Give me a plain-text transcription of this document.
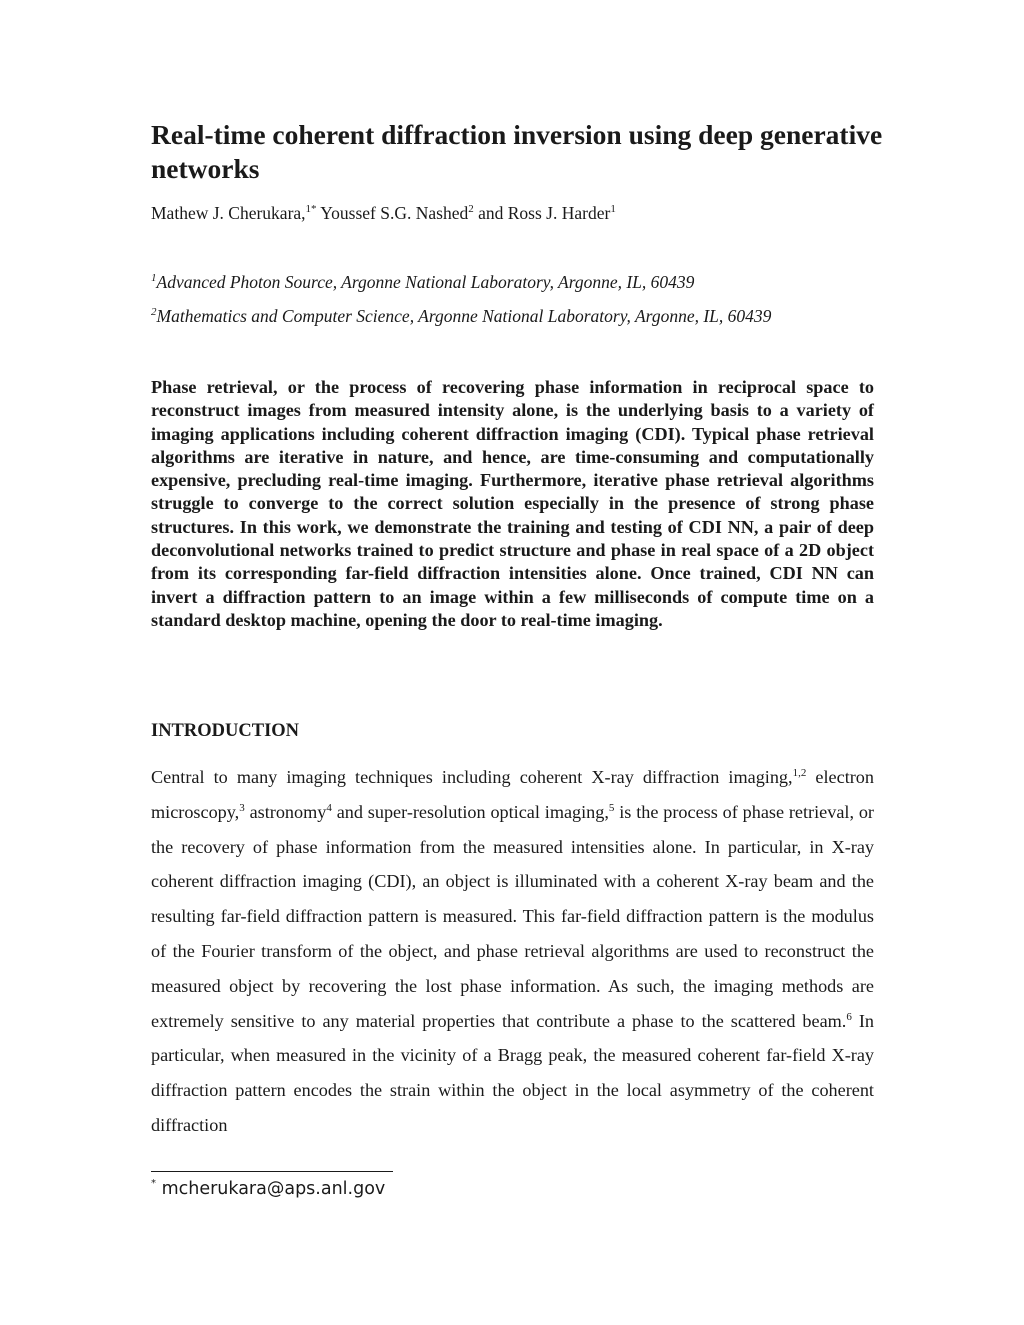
Real-time coherent diffraction inversion using deep generative networks
Mathew J. Cherukara,$^{1*}$ Youssef S.G. Nashed$^2$ and Ross J. Harder$^1$
$^1$Advanced Photon Source, Argonne National Laboratory, Argonne, IL, 60439
$^2$Mathematics and Computer Science, Argonne National Laboratory, Argonne, IL, 60439
Phase retrieval, or the process of recovering phase information in reciprocal space to reconstruct images from measured intensity alone, is the underlying basis to a variety of imaging applications including coherent diffraction imaging (CDI). Typical phase retrieval algorithms are iterative in nature, and hence, are time-consuming and computationally expensive, precluding real-time imaging. Furthermore, iterative phase retrieval algorithms struggle to converge to the correct solution especially in the presence of strong phase structures. In this work, we demonstrate the training and testing of CDI NN, a pair of deep deconvolutional networks trained to predict structure and phase in real space of a 2D object from its corresponding far-field diffraction intensities alone. Once trained, CDI NN can invert a diffraction pattern to an image within a few milliseconds of compute time on a standard desktop machine, opening the door to real-time imaging.
INTRODUCTION
Central to many imaging techniques including coherent X-ray diffraction imaging,$^{1,2}$ electron microscopy,$^3$ astronomy$^4$ and super-resolution optical imaging,$^5$ is the process of phase retrieval, or the recovery of phase information from the measured intensities alone. In particular, in X-ray coherent diffraction imaging (CDI), an object is illuminated with a coherent X-ray beam and the resulting far-field diffraction pattern is measured. This far-field diffraction pattern is the modulus of the Fourier transform of the object, and phase retrieval algorithms are used to reconstruct the measured object by recovering the lost phase information. As such, the imaging methods are extremely sensitive to any material properties that contribute a phase to the scattered beam.$^6$ In particular, when measured in the vicinity of a Bragg peak, the measured coherent far-field X-ray diffraction pattern encodes the strain within the object in the local asymmetry of the coherent diffraction
* mcherukara@aps.anl.gov
